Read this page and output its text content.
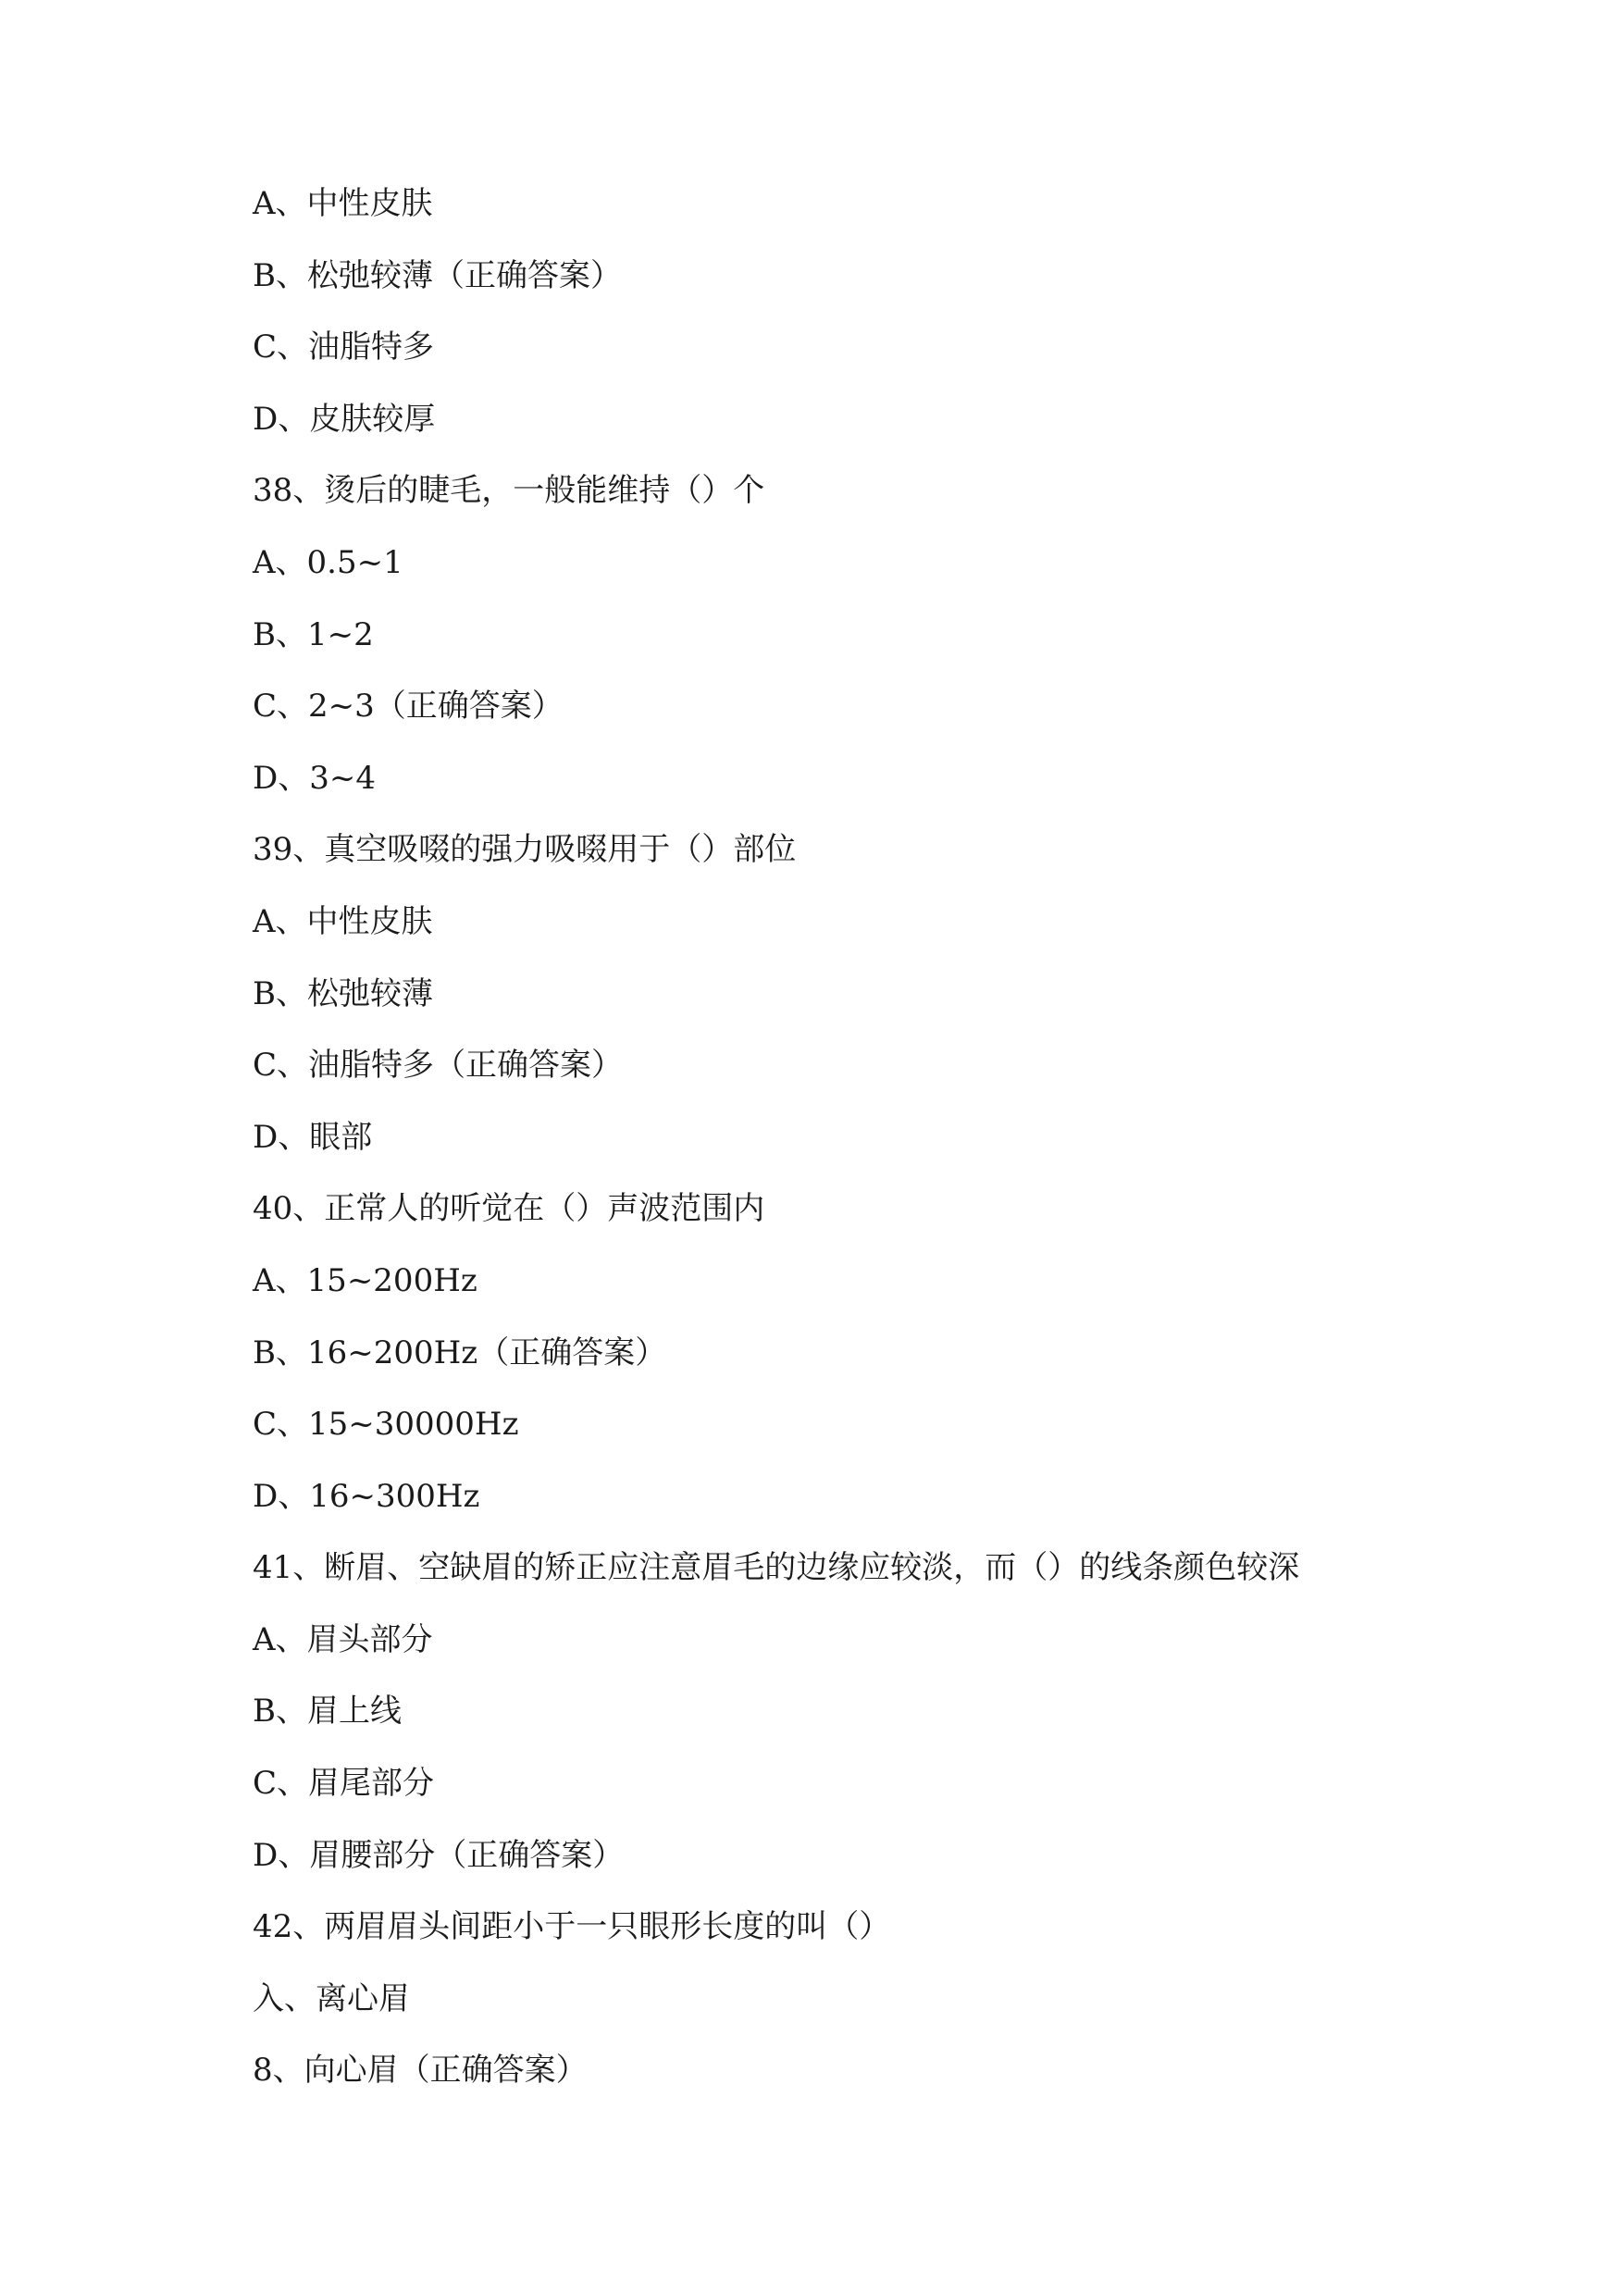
A、中性皮肤
B、松弛较薄（正确答案）
C、油脂特多
D、皮肤较厚
38、烫后的睫毛，一般能维持（）个
A、0.5~1
B、1~2
C、2~3（正确答案）
D、3~4
39、真空吸啜的强力吸啜用于（）部位
A、中性皮肤
B、松弛较薄
C、油脂特多（正确答案）
D、眼部
40、正常人的听觉在（）声波范围内
A、15~200Hz
B、16~200Hz（正确答案）
C、15~30000Hz
D、16~300Hz
41、断眉、空缺眉的矫正应注意眉毛的边缘应较淡，而（）的线条颜色较深
A、眉头部分
B、眉上线
C、眉尾部分
D、眉腰部分（正确答案）
42、两眉眉头间距小于一只眼形长度的叫（）
入、离心眉
8、向心眉（正确答案）
